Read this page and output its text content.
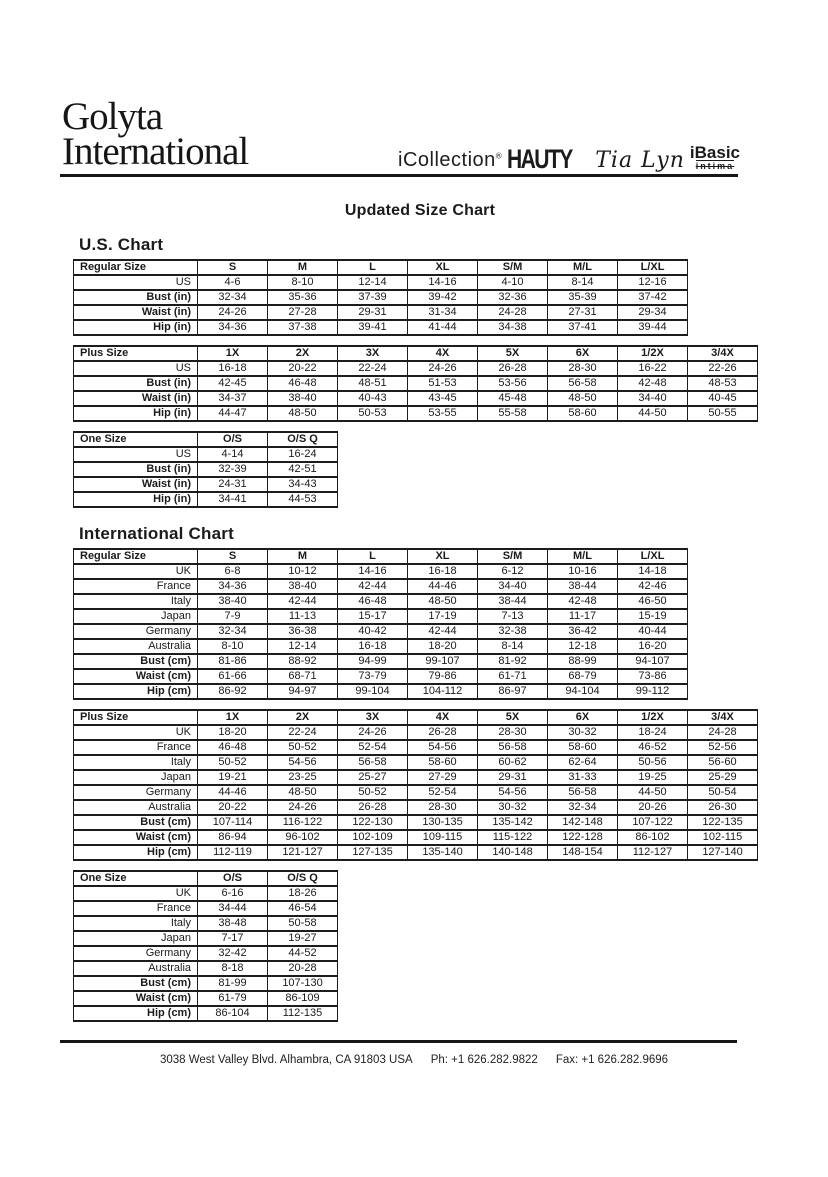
Golyta
International	iCollection® HAUTY Tia Lyn iBasic
intima
Updated Size Chart
U.S. Chart
Regular Size	S	M	L	XL	S/M	M/L	L/XL
US	4-6	8-10	12-14	14-16	4-10	8-14	12-16
Bust (in)	32-34	35-36	37-39	39-42	32-36	35-39	37-42
Waist (in)	24-26	27-28	29-31	31-34	24-28	27-31	29-34
Hip (in)	34-36	37-38	39-41	41-44	34-38	37-41	39-44
Plus Size	1X	2X	3X	4X	5X	6X	1/2X	3/4X
US	16-18	20-22	22-24	24-26	26-28	28-30	16-22	22-26
Bust (in)	42-45	46-48	48-51	51-53	53-56	56-58	42-48	48-53
Waist (in)	34-37	38-40	40-43	43-45	45-48	48-50	34-40	40-45
Hip (in)	44-47	48-50	50-53	53-55	55-58	58-60	44-50	50-55
One Size	O/S	O/S Q
US	4-14	16-24
Bust (in)	32-39	42-51
Waist (in)	24-31	34-43
Hip (in)	34-41	44-53
International Chart
Regular Size	S	M	L	XL	S/M	M/L	L/XL
UK	6-8	10-12	14-16	16-18	6-12	10-16	14-18
France	34-36	38-40	42-44	44-46	34-40	38-44	42-46
Italy	38-40	42-44	46-48	48-50	38-44	42-48	46-50
Japan	7-9	11-13	15-17	17-19	7-13	11-17	15-19
Germany	32-34	36-38	40-42	42-44	32-38	36-42	40-44
Australia	8-10	12-14	16-18	18-20	8-14	12-18	16-20
Bust (cm)	81-86	88-92	94-99	99-107	81-92	88-99	94-107
Waist (cm)	61-66	68-71	73-79	79-86	61-71	68-79	73-86
Hip (cm)	86-92	94-97	99-104	104-112	86-97	94-104	99-112
Plus Size	1X	2X	3X	4X	5X	6X	1/2X	3/4X
UK	18-20	22-24	24-26	26-28	28-30	30-32	18-24	24-28
France	46-48	50-52	52-54	54-56	56-58	58-60	46-52	52-56
Italy	50-52	54-56	56-58	58-60	60-62	62-64	50-56	56-60
Japan	19-21	23-25	25-27	27-29	29-31	31-33	19-25	25-29
Germany	44-46	48-50	50-52	52-54	54-56	56-58	44-50	50-54
Australia	20-22	24-26	26-28	28-30	30-32	32-34	20-26	26-30
Bust (cm)	107-114	116-122	122-130	130-135	135-142	142-148	107-122	122-135
Waist (cm)	86-94	96-102	102-109	109-115	115-122	122-128	86-102	102-115
Hip (cm)	112-119	121-127	127-135	135-140	140-148	148-154	112-127	127-140
One Size	O/S	O/S Q
UK	6-16	18-26
France	34-44	46-54
Italy	38-48	50-58
Japan	7-17	19-27
Germany	32-42	44-52
Australia	8-18	20-28
Bust (cm)	81-99	107-130
Waist (cm)	61-79	86-109
Hip (cm)	86-104	112-135
3038 West Valley Blvd. Alhambra, CA 91803 USA Ph: +1 626.282.9822 Fax: +1 626.282.9696
